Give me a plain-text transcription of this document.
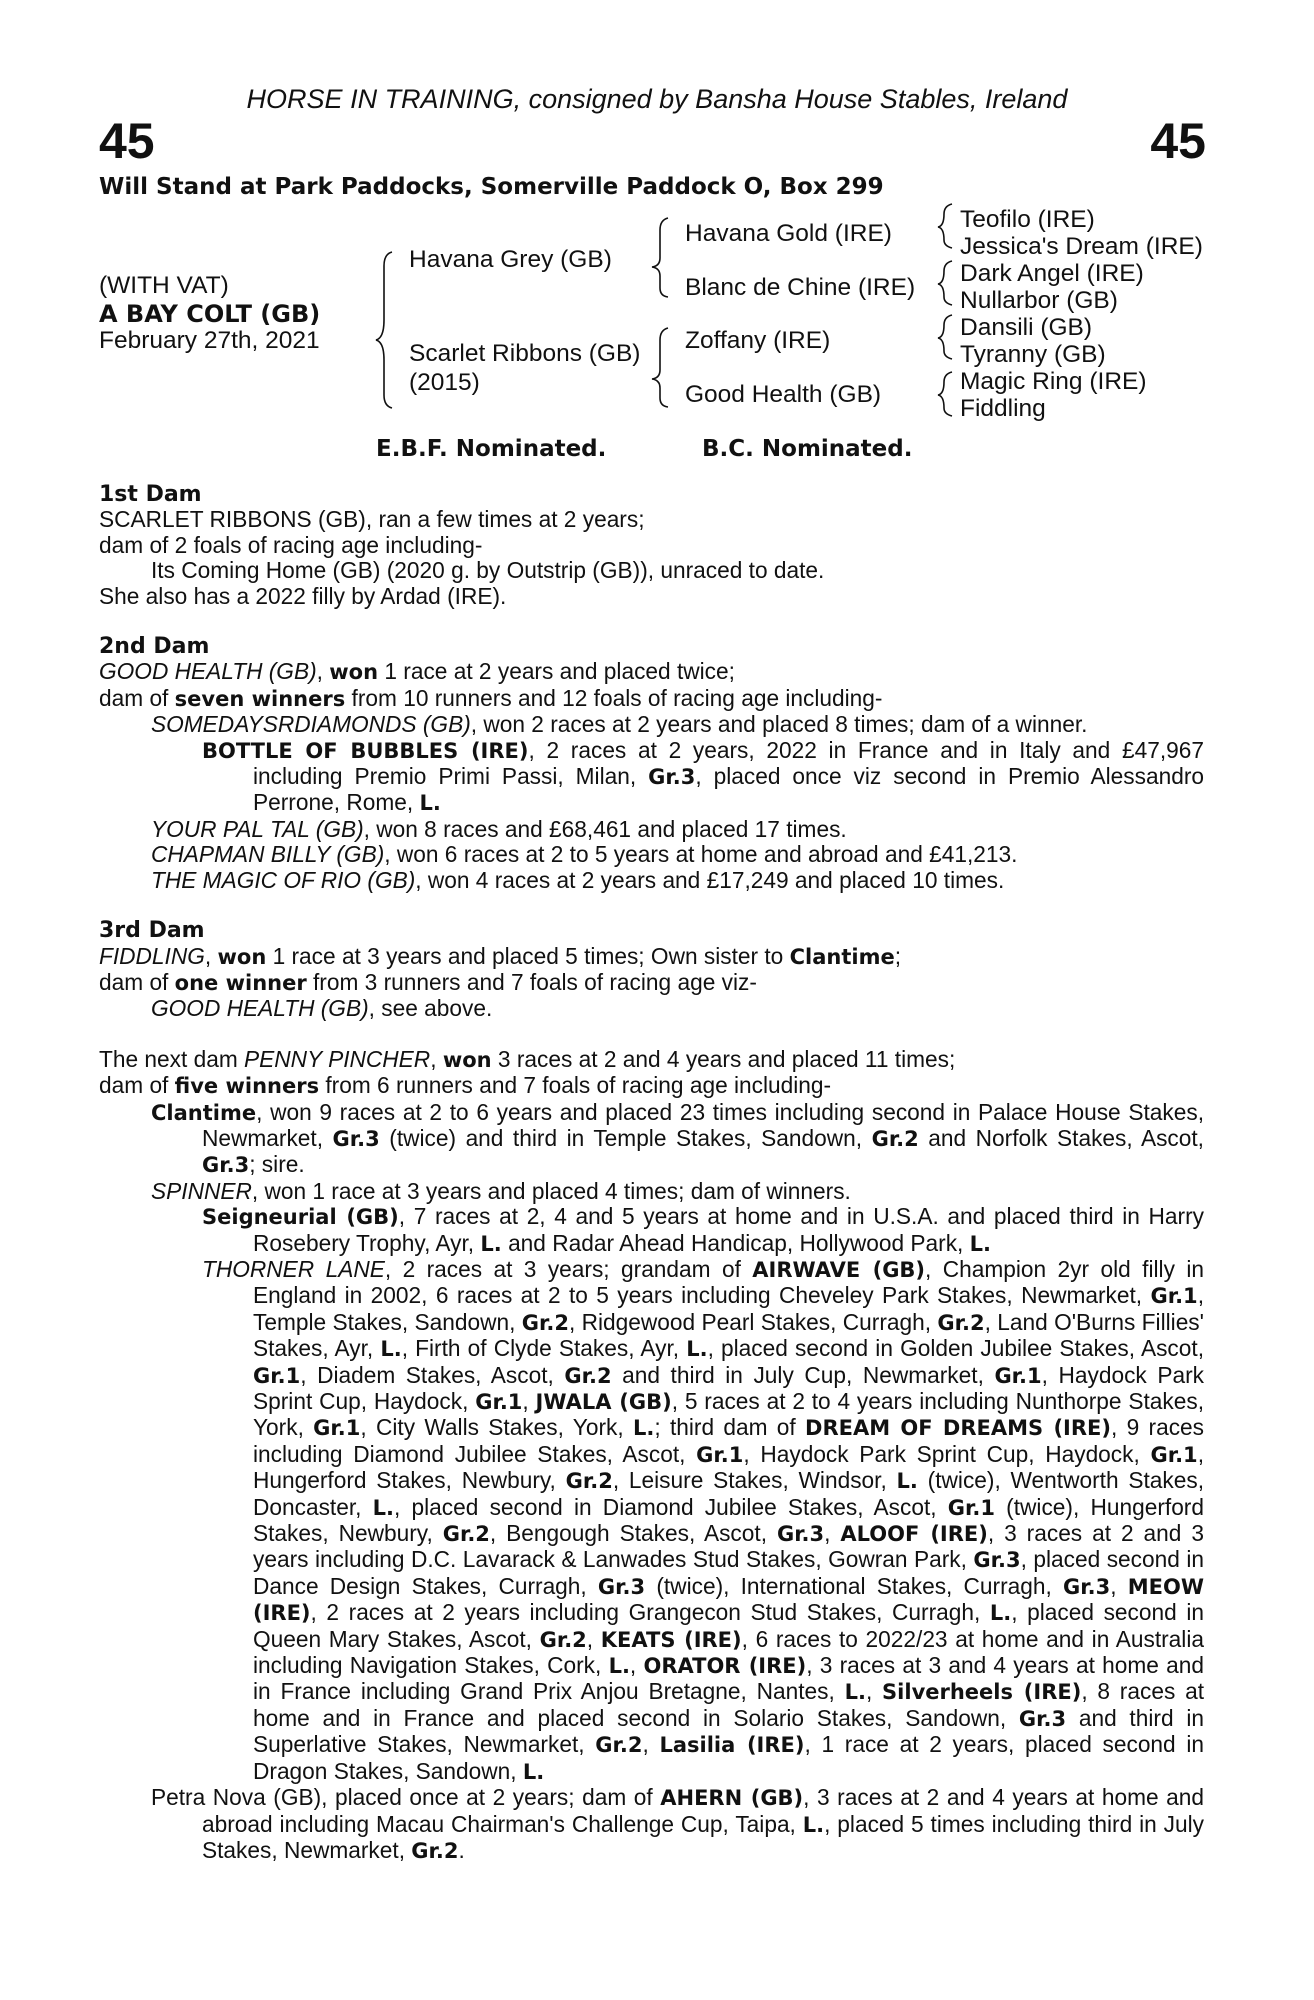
HORSE IN TRAINING, consigned by Bansha House Stables, Ireland
45	45
Will Stand at Park Paddocks, Somerville Paddock O, Box 299
(WITH VAT)
A BAY COLT (GB)
February 27th, 2021
Havana Grey (GB)
Scarlet Ribbons (GB)
(2015)
Havana Gold (IRE)
Blanc de Chine (IRE)
Zoffany (IRE)
Good Health (GB)
Teofilo (IRE)
Jessica's Dream (IRE)
Dark Angel (IRE)
Nullarbor (GB)
Dansili (GB)
Tyranny (GB)
Magic Ring (IRE)
Fiddling
E.B.F. Nominated.	B.C. Nominated.

1st Dam

SCARLET RIBBONS (GB), ran a few times at 2 years;

dam of 2 foals of racing age including-

Its Coming Home (GB) (2020 g. by Outstrip (GB)), unraced to date.

She also has a 2022 filly by Ardad (IRE).

2nd Dam

GOOD HEALTH (GB), won 1 race at 2 years and placed twice;

dam of seven winners from 10 runners and 12 foals of racing age including-

SOMEDAYSRDIAMONDS (GB), won 2 races at 2 years and placed 8 times; dam of a winner.

BOTTLE OF BUBBLES (IRE), 2 races at 2 years, 2022 in France and in Italy and £47,967 including Premio Primi Passi, Milan, Gr.3, placed once viz second in Premio Alessandro Perrone, Rome, L.

YOUR PAL TAL (GB), won 8 races and £68,461 and placed 17 times.

CHAPMAN BILLY (GB), won 6 races at 2 to 5 years at home and abroad and £41,213.

THE MAGIC OF RIO (GB), won 4 races at 2 years and £17,249 and placed 10 times.

3rd Dam

FIDDLING, won 1 race at 3 years and placed 5 times; Own sister to Clantime;

dam of one winner from 3 runners and 7 foals of racing age viz-

GOOD HEALTH (GB), see above.

The next dam PENNY PINCHER, won 3 races at 2 and 4 years and placed 11 times;

dam of five winners from 6 runners and 7 foals of racing age including-

Clantime, won 9 races at 2 to 6 years and placed 23 times including second in Palace House Stakes, Newmarket, Gr.3 (twice) and third in Temple Stakes, Sandown, Gr.2 and Norfolk Stakes, Ascot, Gr.3; sire.

SPINNER, won 1 race at 3 years and placed 4 times; dam of winners.

Seigneurial (GB), 7 races at 2, 4 and 5 years at home and in U.S.A. and placed third in Harry Rosebery Trophy, Ayr, L. and Radar Ahead Handicap, Hollywood Park, L.

THORNER LANE, 2 races at 3 years; grandam of AIRWAVE (GB), Champion 2yr old filly in England in 2002, 6 races at 2 to 5 years including Cheveley Park Stakes, Newmarket, Gr.1, Temple Stakes, Sandown, Gr.2, Ridgewood Pearl Stakes, Curragh, Gr.2, Land O'Burns Fillies' Stakes, Ayr, L., Firth of Clyde Stakes, Ayr, L., placed second in Golden Jubilee Stakes, Ascot, Gr.1, Diadem Stakes, Ascot, Gr.2 and third in July Cup, Newmarket, Gr.1, Haydock Park Sprint Cup, Haydock, Gr.1, JWALA (GB), 5 races at 2 to 4 years including Nunthorpe Stakes, York, Gr.1, City Walls Stakes, York, L.; third dam of DREAM OF DREAMS (IRE), 9 races including Diamond Jubilee Stakes, Ascot, Gr.1, Haydock Park Sprint Cup, Haydock, Gr.1, Hungerford Stakes, Newbury, Gr.2, Leisure Stakes, Windsor, L. (twice), Wentworth Stakes, Doncaster, L., placed second in Diamond Jubilee Stakes, Ascot, Gr.1 (twice), Hungerford Stakes, Newbury, Gr.2, Bengough Stakes, Ascot, Gr.3, ALOOF (IRE), 3 races at 2 and 3 years including D.C. Lavarack & Lanwades Stud Stakes, Gowran Park, Gr.3, placed second in Dance Design Stakes, Curragh, Gr.3 (twice), International Stakes, Curragh, Gr.3, MEOW (IRE), 2 races at 2 years including Grangecon Stud Stakes, Curragh, L., placed second in Queen Mary Stakes, Ascot, Gr.2, KEATS (IRE), 6 races to 2022/23 at home and in Australia including Navigation Stakes, Cork, L., ORATOR (IRE), 3 races at 3 and 4 years at home and in France including Grand Prix Anjou Bretagne, Nantes, L., Silverheels (IRE), 8 races at home and in France and placed second in Solario Stakes, Sandown, Gr.3 and third in Superlative Stakes, Newmarket, Gr.2, Lasilia (IRE), 1 race at 2 years, placed second in Dragon Stakes, Sandown, L.

Petra Nova (GB), placed once at 2 years; dam of AHERN (GB), 3 races at 2 and 4 years at home and abroad including Macau Chairman's Challenge Cup, Taipa, L., placed 5 times including third in July Stakes, Newmarket, Gr.2.
